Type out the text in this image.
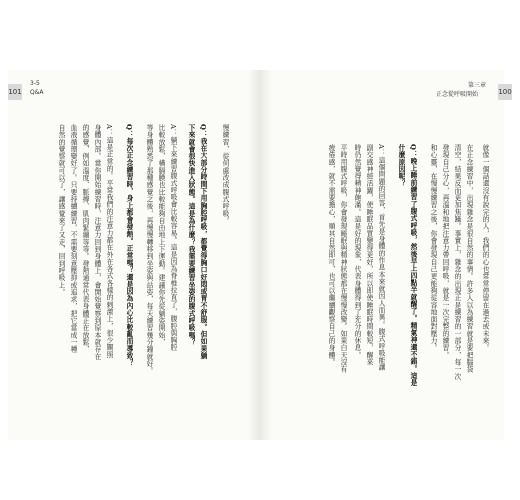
101	100
3-5
Q&A
第三章
正念從呼吸開始
就像一個話還沒有說完的人，我們的心也常常停留在過去或未來。
在正念練習中，出現雜念是很自然的事情。許多人以為練習就是要把腦袋
清空，結果反而更加焦躁。事實上，雜念的出現正是練習的一部分，每一次
發現自己分心，再溫和地把注意力帶回呼吸，就是一次完整的練習。
和心靈，在慢慢練習之後，你會發現自己更能夠從容地面對壓力。
Q：晚上睡前練習了腹式呼吸，然後早上四點半就醒了。精氣神還不錯。這是
什麼原因呢？
A：這個問題的回答，首先是身體的作息本來就因人而異。腹式呼吸能讓
副交感神經活躍，使睡眠品質變得更好，所以即使睡眠時間較短，醒來
時仍然覺得精神飽滿。這是好的現象，代表身體得到了充分的休息。
平時用腹式呼吸，你會發現睡眠與精神狀態都在慢慢改變。如果白天沒有
疲倦感，就不需要擔心，順其自然即可，也可以繼續觀察自己的身體。
慢練習，從何處改成腹式呼吸。
Q：我在大部分時間下用胸腔呼吸，都覺得胸口好悶或胃不舒服。但如果躺
下來就會很快進入狀態。這是為什麼？我需要練習坐姿的腹式呼吸嗎？
A：躺下來練習腹式呼吸會比較容易。這是因為脊椎拉直了，腹腔與胸腔
比較放鬆，橫膈膜也比較能夠自由地上下運動。建議你先從躺姿開始，
等身體熟悉了那種感覺之後，再慢慢轉移到坐姿與站姿，每天練習幾分鐘就好。
Q：每次正念練習時，身上都會發熱。正常嗎？還是因為內心比較亂而導致？
A：這是正常的。平常我們的注意力都在外在各式各樣的刺激上，很少關照
身體內部。當你開始練習時，注意力回到身體上，會開始覺察到原本就存在
的感覺，例如溫度、脈搏、肌肉緊繃等等。發熱通常代表身體正在放鬆，
血液循環變好了。只要持續練習，不需要刻意壓抑或追求，把它當成一種
自然的覺察就可以了，讓感覺來了又走，回到呼吸上。
